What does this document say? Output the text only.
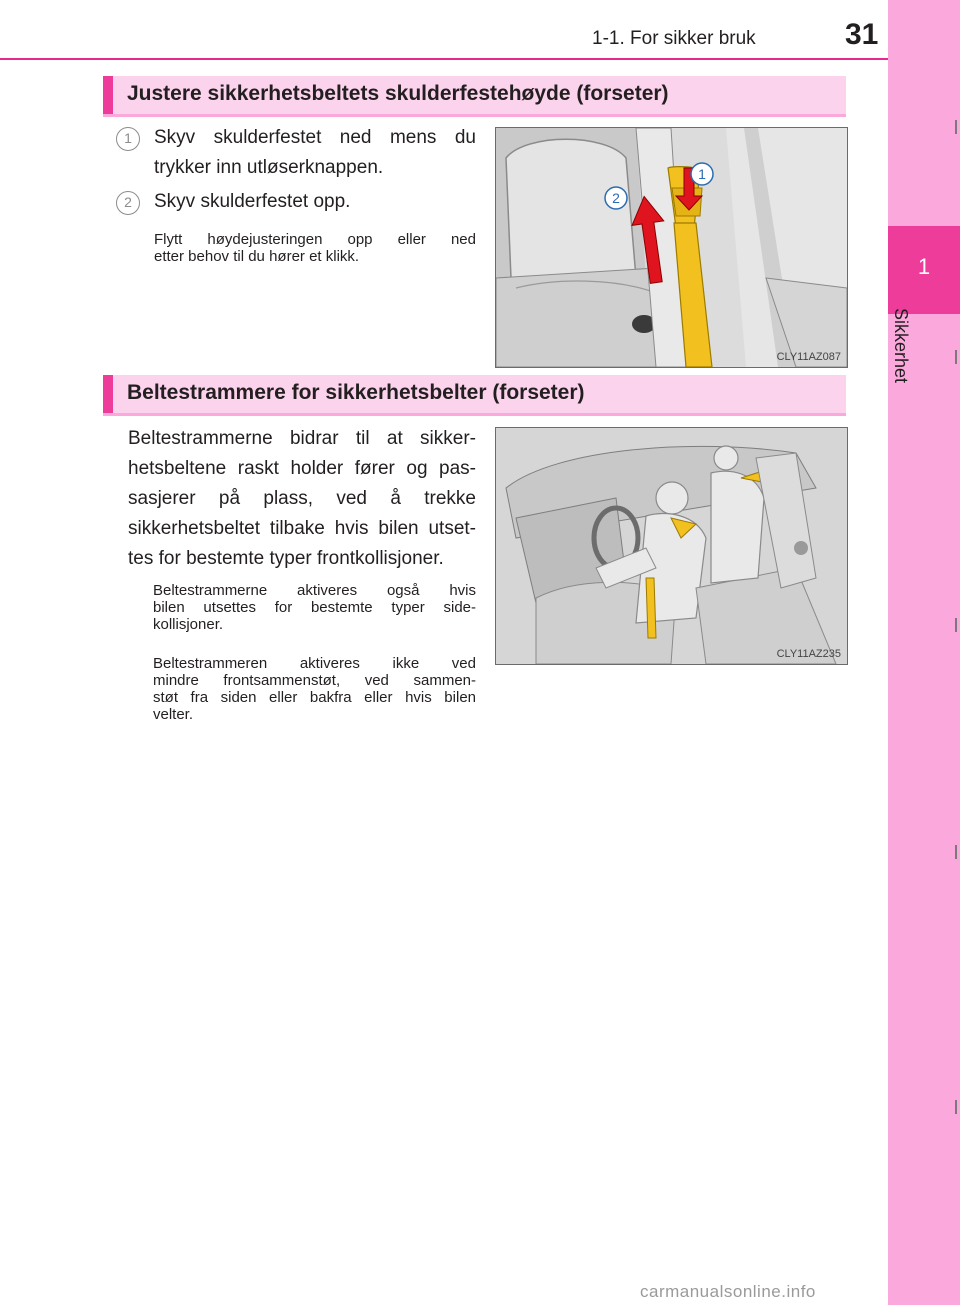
1-1. For sikker bruk	31
1
Sikkerhet
Justere sikkerhetsbeltets skulderfestehøyde (forseter)
1	Skyv skulderfestet ned mens du
trykker inn utløserknappen.
2	Skyv skulderfestet opp.
Flytt høydejusteringen opp eller ned
etter behov til du hører et klikk.
1
2
CLY11AZ087
Beltestrammere for sikkerhetsbelter (forseter)
Beltestrammerne bidrar til at sikker-
hetsbeltene raskt holder fører og pas-
sasjerer på plass, ved å trekke
sikkerhetsbeltet tilbake hvis bilen utset-
tes for bestemte typer frontkollisjoner.
Beltestrammerne aktiveres også hvis
bilen utsettes for bestemte typer side-
kollisjoner.
Beltestrammeren aktiveres ikke ved
mindre frontsammenstøt, ved sammen-
støt fra siden eller bakfra eller hvis bilen
velter.
CLY11AZ235
carmanualsonline.info
